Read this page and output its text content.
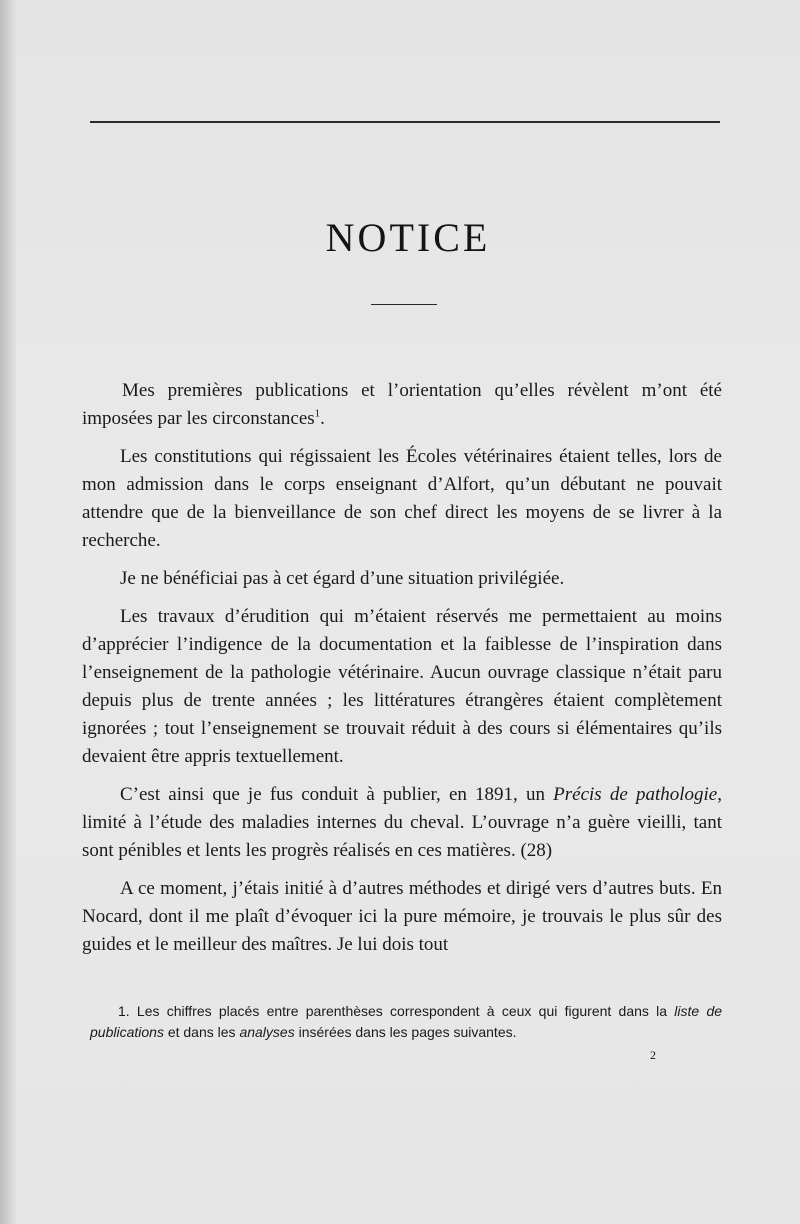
NOTICE

Mes premières publications et l’orientation qu’elles révèlent m’ont été imposées par les circonstances$^1$.

Les constitutions qui régissaient les Écoles vétérinaires étaient telles, lors de mon admission dans le corps enseignant d’Alfort, qu’un débutant ne pouvait attendre que de la bienveillance de son chef direct les moyens de se livrer à la recherche.

Je ne bénéficiai pas à cet égard d’une situation privilégiée.

Les travaux d’érudition qui m’étaient réservés me permettaient au moins d’apprécier l’indigence de la documentation et la faiblesse de l’inspiration dans l’enseignement de la pathologie vétérinaire. Aucun ouvrage classique n’était paru depuis plus de trente années ; les littératures étrangères étaient complètement ignorées ; tout l’enseignement se trouvait réduit à des cours si élémentaires qu’ils devaient être appris textuellement.

C’est ainsi que je fus conduit à publier, en 1891, un Précis de pathologie, limité à l’étude des maladies internes du cheval. L’ouvrage n’a guère vieilli, tant sont pénibles et lents les progrès réalisés en ces matières. (28)

A ce moment, j’étais initié à d’autres méthodes et dirigé vers d’autres buts. En Nocard, dont il me plaît d’évoquer ici la pure mémoire, je trouvais le plus sûr des guides et le meilleur des maîtres. Je lui dois tout

1. Les chiffres placés entre parenthèses correspondent à ceux qui figurent dans la liste de publications et dans les analyses insérées dans les pages suivantes.

2
